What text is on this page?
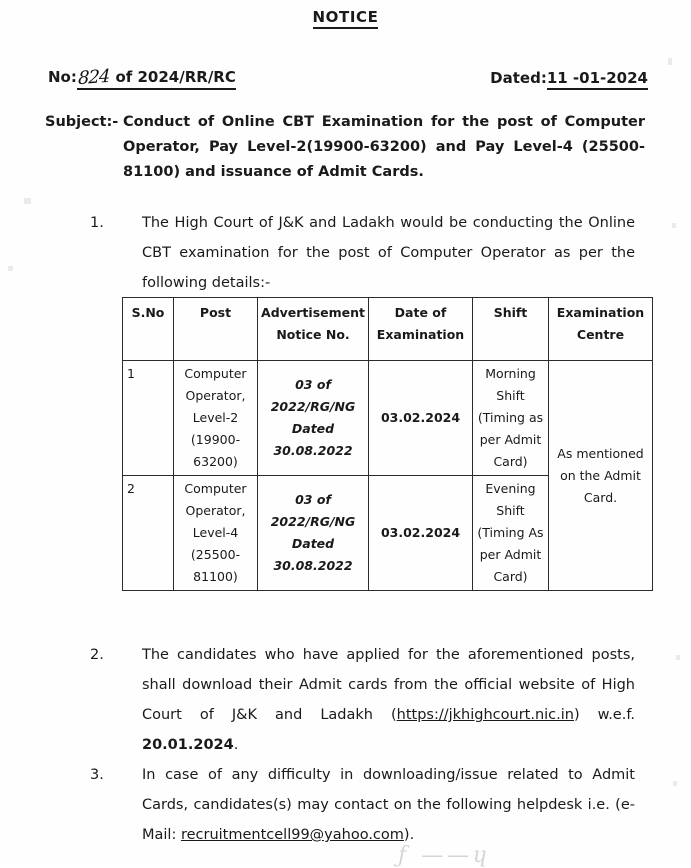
NOTICE
No: 824 of 2024/RR/RC	Dated: 11 -01-2024
Subject:- Conduct of Online CBT Examination for the post of Computer Operator, Pay Level-2(19900-63200) and Pay Level-4 (25500-81100) and issuance of Admit Cards.
1.	The High Court of J&K and Ladakh would be conducting the Online CBT examination for the post of Computer Operator as per the following details:-
S.No	Post	Advertisement Notice No.	Date of Examination	Shift	Examination Centre
1	Computer Operator, Level-2 (19900-63200)	03 of 2022/RG/NG Dated 30.08.2022	03.02.2024	Morning Shift (Timing as per Admit Card)	As mentioned on the Admit Card.
2	Computer Operator, Level-4 (25500-81100)	03 of 2022/RG/NG Dated 30.08.2022	03.02.2024	Evening Shift (Timing As per Admit Card)	
2.	The candidates who have applied for the aforementioned posts, shall download their Admit cards from the official website of High Court of J&K and Ladakh (https://jkhighcourt.nic.in) w.e.f. 20.01.2024.
3.	In case of any difficulty in downloading/issue related to Admit Cards, candidates(s) may contact on the following helpdesk i.e. (e-Mail: recruitmentcell99@yahoo.com).
ƒ ——ɥ
